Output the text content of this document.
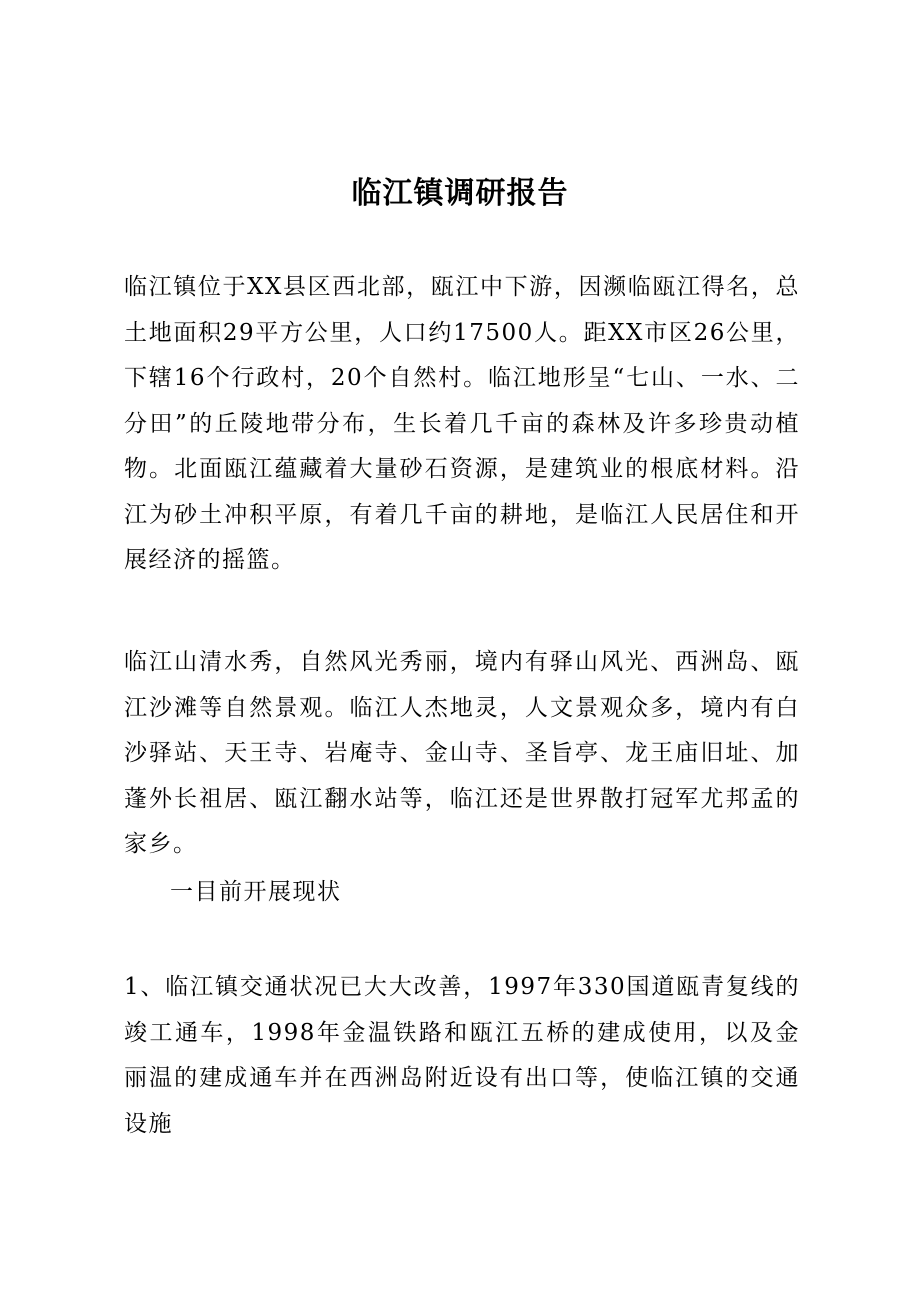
临江镇调研报告

临江镇位于XX县区西北部，瓯江中下游，因濒临瓯江得名，总土地面积29平方公里，人口约17500人。距XX市区26公里，下辖16个行政村，20个自然村。临江地形呈“七山、一水、二分田”的丘陵地带分布，生长着几千亩的森林及许多珍贵动植物。北面瓯江蕴藏着大量砂石资源，是建筑业的根底材料。沿江为砂土冲积平原，有着几千亩的耕地，是临江人民居住和开展经济的摇篮。

临江山清水秀，自然风光秀丽，境内有驿山风光、西洲岛、瓯江沙滩等自然景观。临江人杰地灵，人文景观众多，境内有白沙驿站、天王寺、岩庵寺、金山寺、圣旨亭、龙王庙旧址、加蓬外长祖居、瓯江翻水站等，临江还是世界散打冠军尤邦孟的家乡。

一目前开展现状

1、临江镇交通状况已大大改善，1997年330国道瓯青复线的竣工通车，1998年金温铁路和瓯江五桥的建成使用，以及金丽温的建成通车并在西洲岛附近设有出口等，使临江镇的交通设施
